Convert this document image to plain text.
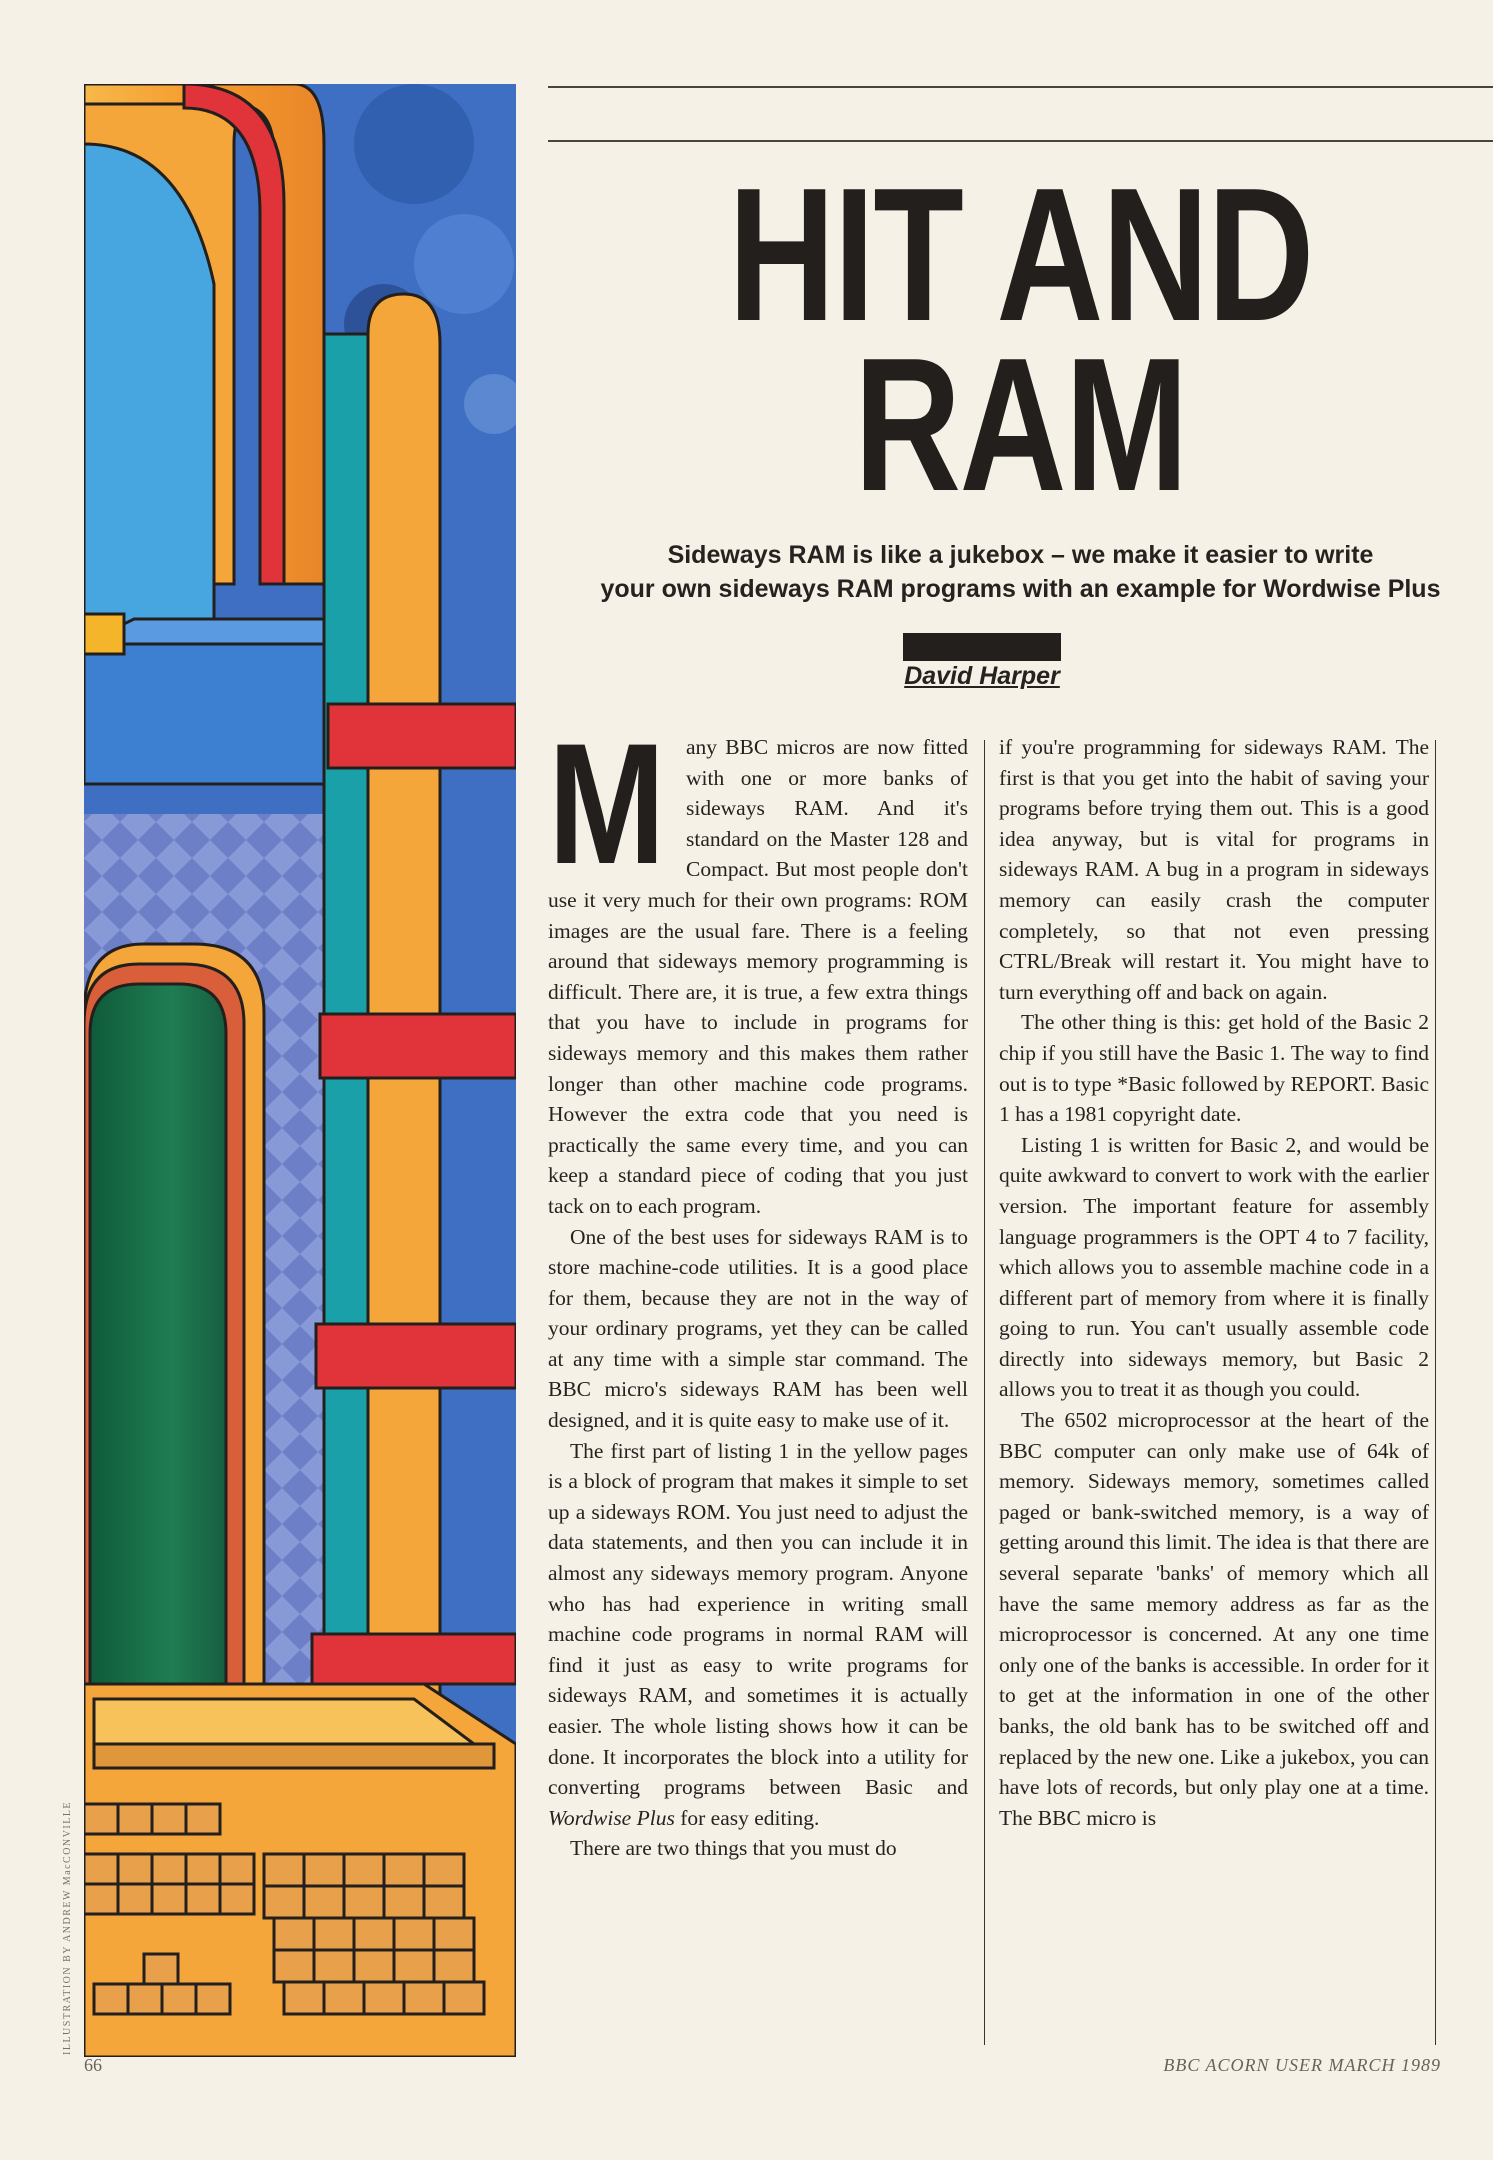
ILLUSTRATION BY ANDREW MacCONVILLE
HIT AND
RAM
Sideways RAM is like a jukebox – we make it easier to write
your own sideways RAM programs with an example for Wordwise Plus
David Harper

Many BBC micros are now fitted with one or more banks of sideways RAM. And it's standard on the Master 128 and Compact. But most people don't use it very much for their own programs: ROM images are the usual fare. There is a feeling around that sideways memory programming is difficult. There are, it is true, a few extra things that you have to include in programs for sideways memory and this makes them rather longer than other machine code programs. However the extra code that you need is practically the same every time, and you can keep a standard piece of coding that you just tack on to each program.

One of the best uses for sideways RAM is to store machine-code utilities. It is a good place for them, because they are not in the way of your ordinary programs, yet they can be called at any time with a simple star command. The BBC micro's sideways RAM has been well designed, and it is quite easy to make use of it.

The first part of listing 1 in the yellow pages is a block of program that makes it simple to set up a sideways ROM. You just need to adjust the data statements, and then you can include it in almost any sideways memory program. Anyone who has had experience in writing small machine code programs in normal RAM will find it just as easy to write programs for sideways RAM, and sometimes it is actually easier. The whole listing shows how it can be done. It incorporates the block into a utility for converting programs between Basic and Wordwise Plus for easy editing.

There are two things that you must do

if you're programming for sideways RAM. The first is that you get into the habit of saving your programs before trying them out. This is a good idea anyway, but is vital for programs in sideways RAM. A bug in a program in sideways memory can easily crash the computer completely, so that not even pressing CTRL/Break will restart it. You might have to turn everything off and back on again.

The other thing is this: get hold of the Basic 2 chip if you still have the Basic 1. The way to find out is to type *Basic followed by REPORT. Basic 1 has a 1981 copyright date.

Listing 1 is written for Basic 2, and would be quite awkward to convert to work with the earlier version. The important feature for assembly language programmers is the OPT 4 to 7 facility, which allows you to assemble machine code in a different part of memory from where it is finally going to run. You can't usually assemble code directly into sideways memory, but Basic 2 allows you to treat it as though you could.

The 6502 microprocessor at the heart of the BBC computer can only make use of 64k of memory. Sideways memory, sometimes called paged or bank-switched memory, is a way of getting around this limit. The idea is that there are several separate 'banks' of memory which all have the same memory address as far as the microprocessor is concerned. At any one time only one of the banks is accessible. In order for it to get at the information in one of the other banks, the old bank has to be switched off and replaced by the new one. Like a jukebox, you can have lots of records, but only play one at a time. The BBC micro is

66	BBC ACORN USER MARCH 1989
